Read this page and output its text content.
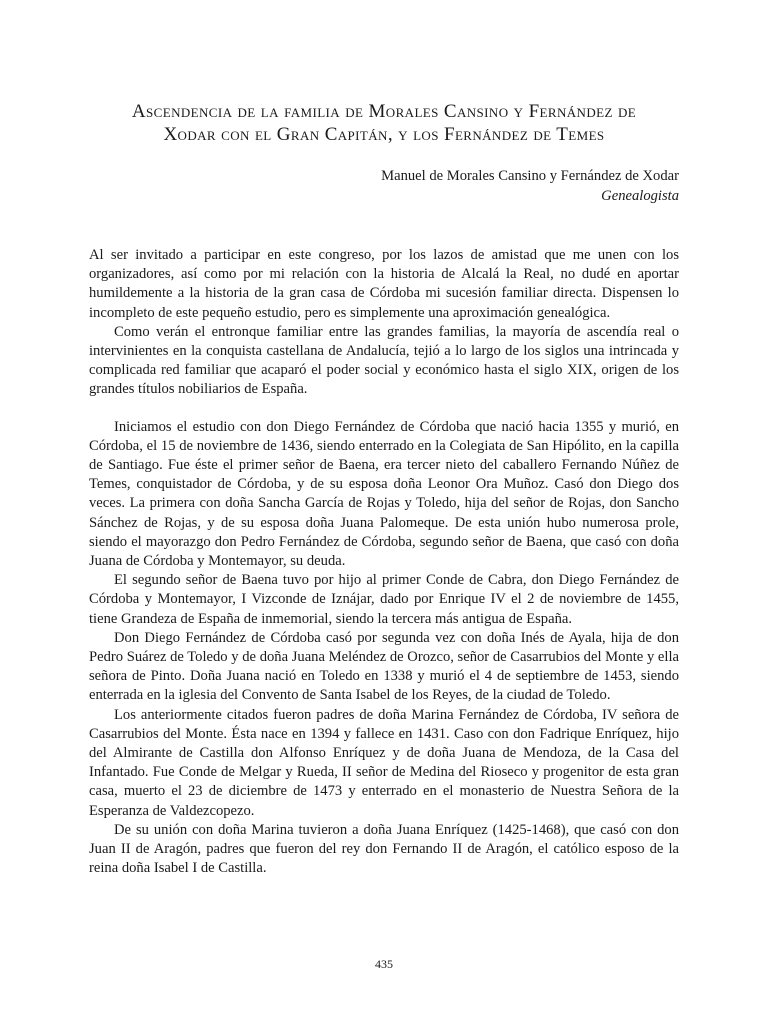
Ascendencia de la familia de Morales Cansino y Fernández de
Xodar con el Gran Capitán, y los Fernández de Temes
Manuel de Morales Cansino y Fernández de Xodar
Genealogista

Al ser invitado a participar en este congreso, por los lazos de amistad que me unen con los organizadores, así como por mi relación con la historia de Alcalá la Real, no dudé en aportar humildemente a la historia de la gran casa de Córdoba mi sucesión familiar directa. Dispensen lo incompleto de este pequeño estudio, pero es simplemente una aproximación genealógica.

Como verán el entronque familiar entre las grandes familias, la mayoría de ascendía real o intervinientes en la conquista castellana de Andalucía, tejió a lo largo de los siglos una intrincada y complicada red familiar que acaparó el poder social y económico hasta el siglo XIX, origen de los grandes títulos nobiliarios de España.

Iniciamos el estudio con don Diego Fernández de Córdoba que nació hacia 1355 y murió, en Córdoba, el 15 de noviembre de 1436, siendo enterrado en la Colegiata de San Hipólito, en la capilla de Santiago. Fue éste el primer señor de Baena, era tercer nieto del caballero Fernando Núñez de Temes, conquistador de Córdoba, y de su esposa doña Leonor Ora Muñoz. Casó don Diego dos veces. La primera con doña Sancha García de Rojas y Toledo, hija del señor de Rojas, don Sancho Sánchez de Rojas, y de su esposa doña Juana Palomeque. De esta unión hubo numerosa prole, siendo el mayorazgo don Pedro Fernández de Córdoba, segundo señor de Baena, que casó con doña Juana de Córdoba y Montemayor, su deuda.

El segundo señor de Baena tuvo por hijo al primer Conde de Cabra, don Diego Fernández de Córdoba y Montemayor, I Vizconde de Iznájar, dado por Enrique IV el 2 de noviembre de 1455, tiene Grandeza de España de inmemorial, siendo la tercera más antigua de España.

Don Diego Fernández de Córdoba casó por segunda vez con doña Inés de Ayala, hija de don Pedro Suárez de Toledo y de doña Juana Meléndez de Orozco, señor de Casarrubios del Monte y ella señora de Pinto. Doña Juana nació en Toledo en 1338 y murió el 4 de septiembre de 1453, siendo enterrada en la iglesia del Convento de Santa Isabel de los Reyes, de la ciudad de Toledo.

Los anteriormente citados fueron padres de doña Marina Fernández de Córdoba, IV señora de Casarrubios del Monte. Ésta nace en 1394 y fallece en 1431. Caso con don Fadrique Enríquez, hijo del Almirante de Castilla don Alfonso Enríquez y de doña Juana de Mendoza, de la Casa del Infantado. Fue Conde de Melgar y Rueda, II señor de Medina del Rioseco y progenitor de esta gran casa, muerto el 23 de diciembre de 1473 y enterrado en el monasterio de Nuestra Señora de la Esperanza de Valdezcopezo.

De su unión con doña Marina tuvieron a doña Juana Enríquez (1425-1468), que casó con don Juan II de Aragón, padres que fueron del rey don Fernando II de Aragón, el católico esposo de la reina doña Isabel I de Castilla.

435
